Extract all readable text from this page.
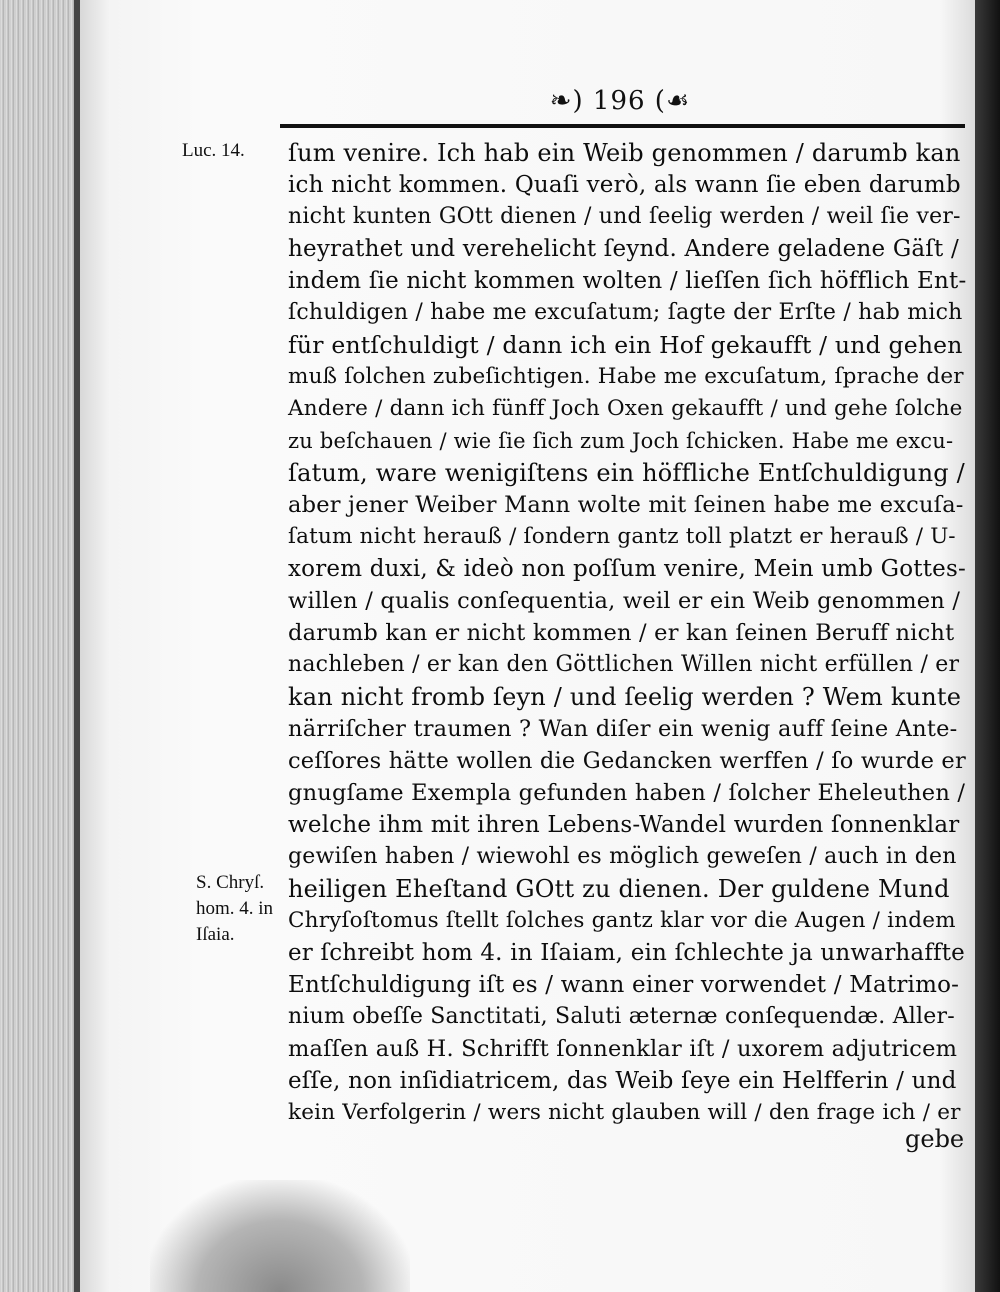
❧) 196 (☙
Luc. 14.
S. Chryſ.
hom. 4. in
Iſaia.
ſum venire. Ich hab ein Weib genommen / darumb kan
ich nicht kommen. Quaſi verò, als wann ſie eben darumb
nicht kunten GOtt dienen / und ſeelig werden / weil ſie ver-
heyrathet und verehelicht ſeynd. Andere geladene Gäſt /
indem ſie nicht kommen wolten / lieſſen ſich höfflich Ent-
ſchuldigen / habe me excuſatum; ſagte der Erſte / hab mich
für entſchuldigt / dann ich ein Hof gekaufft / und gehen
muß ſolchen zubeſichtigen. Habe me excuſatum, ſprache der
Andere / dann ich fünff Joch Oxen gekaufft / und gehe ſolche
zu beſchauen / wie ſie ſich zum Joch ſchicken. Habe me excu-
ſatum, ware wenigiſtens ein höffliche Entſchuldigung /
aber jener Weiber Mann wolte mit ſeinen habe me excuſa-
ſatum nicht herauß / ſondern gantz toll platzt er herauß / U-
xorem duxi, & ideò non poſſum venire, Mein umb Gottes-
willen / qualis conſequentia, weil er ein Weib genommen /
darumb kan er nicht kommen / er kan ſeinen Beruff nicht
nachleben / er kan den Göttlichen Willen nicht erfüllen / er
kan nicht fromb ſeyn / und ſeelig werden ? Wem kunte
närriſcher traumen ? Wan diſer ein wenig auff ſeine Ante-
ceſſores hätte wollen die Gedancken werffen / ſo wurde er
gnugſame Exempla gefunden haben / ſolcher Eheleuthen /
welche ihm mit ihren Lebens-Wandel wurden ſonnenklar
gewiſen haben / wiewohl es möglich geweſen / auch in den
heiligen Eheſtand GOtt zu dienen. Der guldene Mund
Chryſoſtomus ſtellt ſolches gantz klar vor die Augen / indem
er ſchreibt hom 4. in Iſaiam, ein ſchlechte ja unwarhaffte
Entſchuldigung iſt es / wann einer vorwendet / Matrimo-
nium obeſſe Sanctitati, Saluti æternæ conſequendæ. Aller-
maſſen auß H. Schrifft ſonnenklar iſt / uxorem adjutricem
eſſe, non inſidiatricem, das Weib ſeye ein Helfferin / und
kein Verfolgerin / wers nicht glauben will / den frage ich / er
gebe
